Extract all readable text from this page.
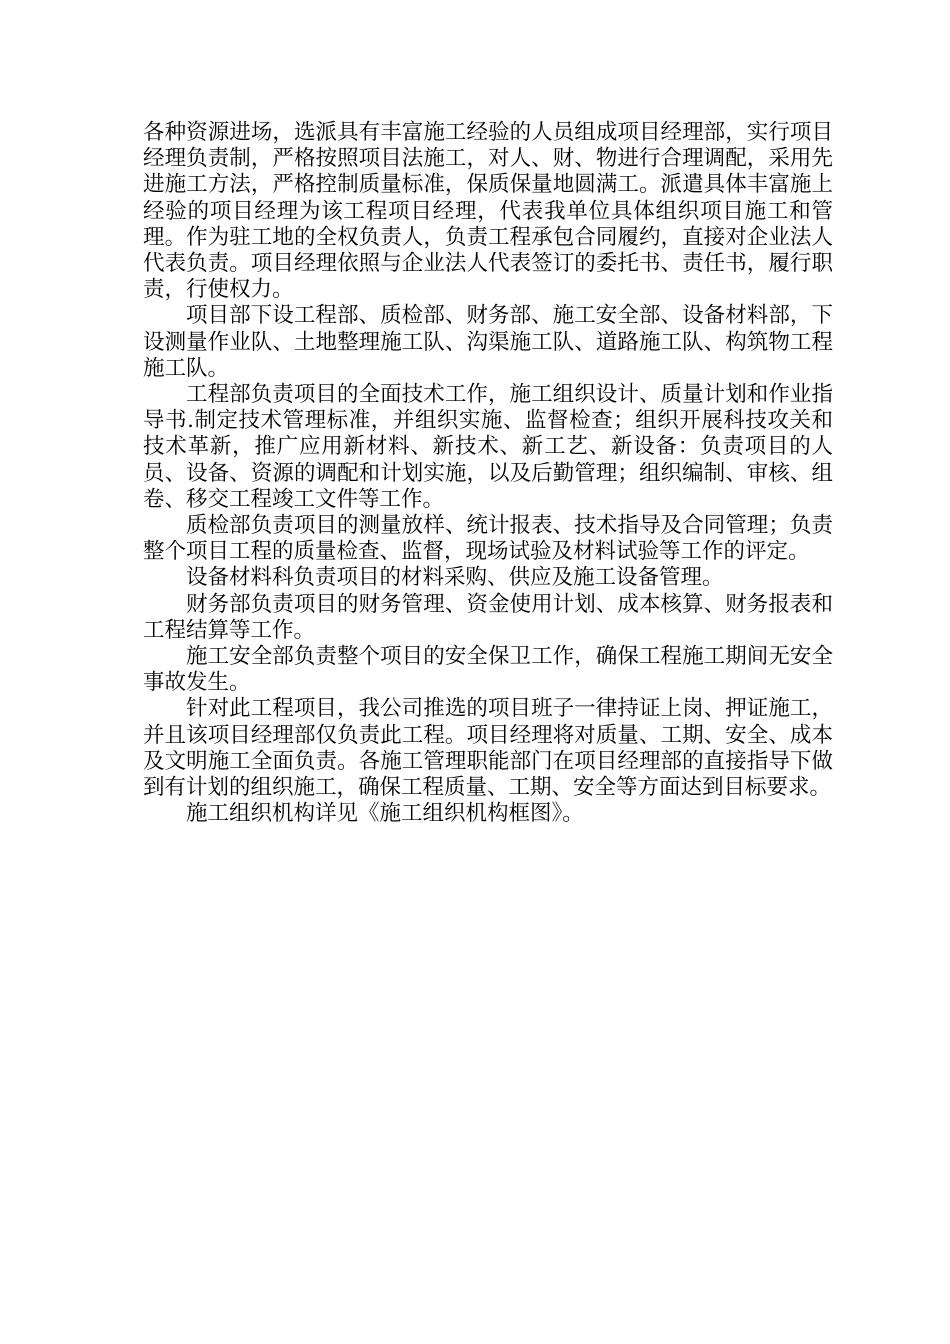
各种资源进场，选派具有丰富施工经验的人员组成项目经理部，实行项目经理负责制，严格按照项目法施工，对人、财、物进行合理调配，采用先进施工方法，严格控制质量标准，保质保量地圆满工。派遣具体丰富施上经验的项目经理为该工程项目经理，代表我单位具体组织项目施工和管理。作为驻工地的全权负责人，负责工程承包合同履约，直接对企业法人代表负责。项目经理依照与企业法人代表签订的委托书、责任书，履行职责，行使权力。

项目部下设工程部、质检部、财务部、施工安全部、设备材料部，下设测量作业队、土地整理施工队、沟渠施工队、道路施工队、构筑物工程施工队。

工程部负责项目的全面技术工作，施工组织设计、质量计划和作业指导书.制定技术管理标准，并组织实施、监督检查；组织开展科技攻关和技术革新，推广应用新材料、新技术、新工艺、新设备：负责项目的人员、设备、资源的调配和计划实施，以及后勤管理；组织编制、审核、组卷、移交工程竣工文件等工作。

质检部负责项目的测量放样、统计报表、技术指导及合同管理；负责整个项目工程的质量检查、监督，现场试验及材料试验等工作的评定。

设备材料科负责项目的材料采购、供应及施工设备管理。

财务部负责项目的财务管理、资金使用计划、成本核算、财务报表和工程结算等工作。

施工安全部负责整个项目的安全保卫工作，确保工程施工期间无安全事故发生。

针对此工程项目，我公司推选的项目班子一律持证上岗、押证施工，并且该项目经理部仅负责此工程。项目经理将对质量、工期、安全、成本及文明施工全面负责。各施工管理职能部门在项目经理部的直接指导下做到有计划的组织施工，确保工程质量、工期、安全等方面达到目标要求。

施工组织机构详见《施工组织机构框图》。
